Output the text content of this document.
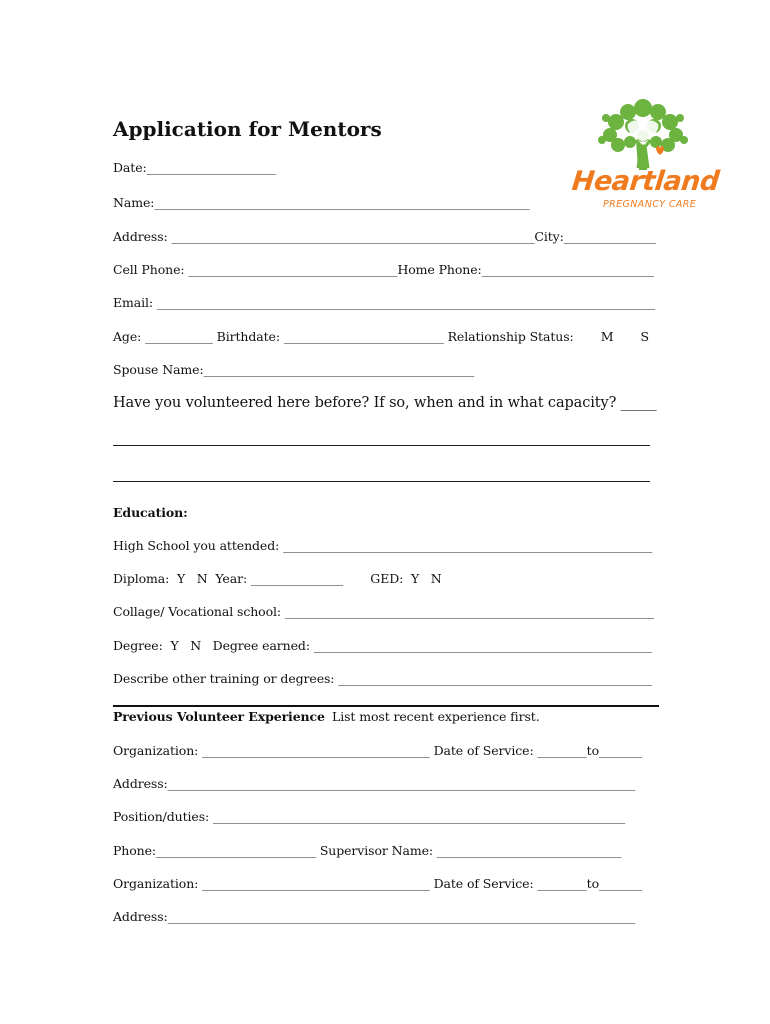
Heartland
PREGNANCY CARE
Application for Mentors
Date:_____________________
Name:_____________________________________________________________
Address: ___________________________________________________________City:_______________
Cell Phone: __________________________________Home Phone:____________________________
Email: _________________________________________________________________________________
Age: ___________ Birthdate: __________________________ Relationship Status:       M       S
Spouse Name:____________________________________________
Have you volunteered here before? If so, when and in what capacity? _____
Education:
High School you attended: ____________________________________________________________
Diploma:  Y   N  Year: _______________       GED:  Y   N
Collage/ Vocational school: ____________________________________________________________
Degree:  Y   N   Degree earned: _______________________________________________________
Describe other training or degrees: ___________________________________________________
Previous Volunteer Experience List most recent experience first.
Organization: _____________________________________ Date of Service: ________to_______
Address:____________________________________________________________________________
Position/duties: ___________________________________________________________________
Phone:__________________________ Supervisor Name: ______________________________
Organization: _____________________________________ Date of Service: ________to_______
Address:____________________________________________________________________________
